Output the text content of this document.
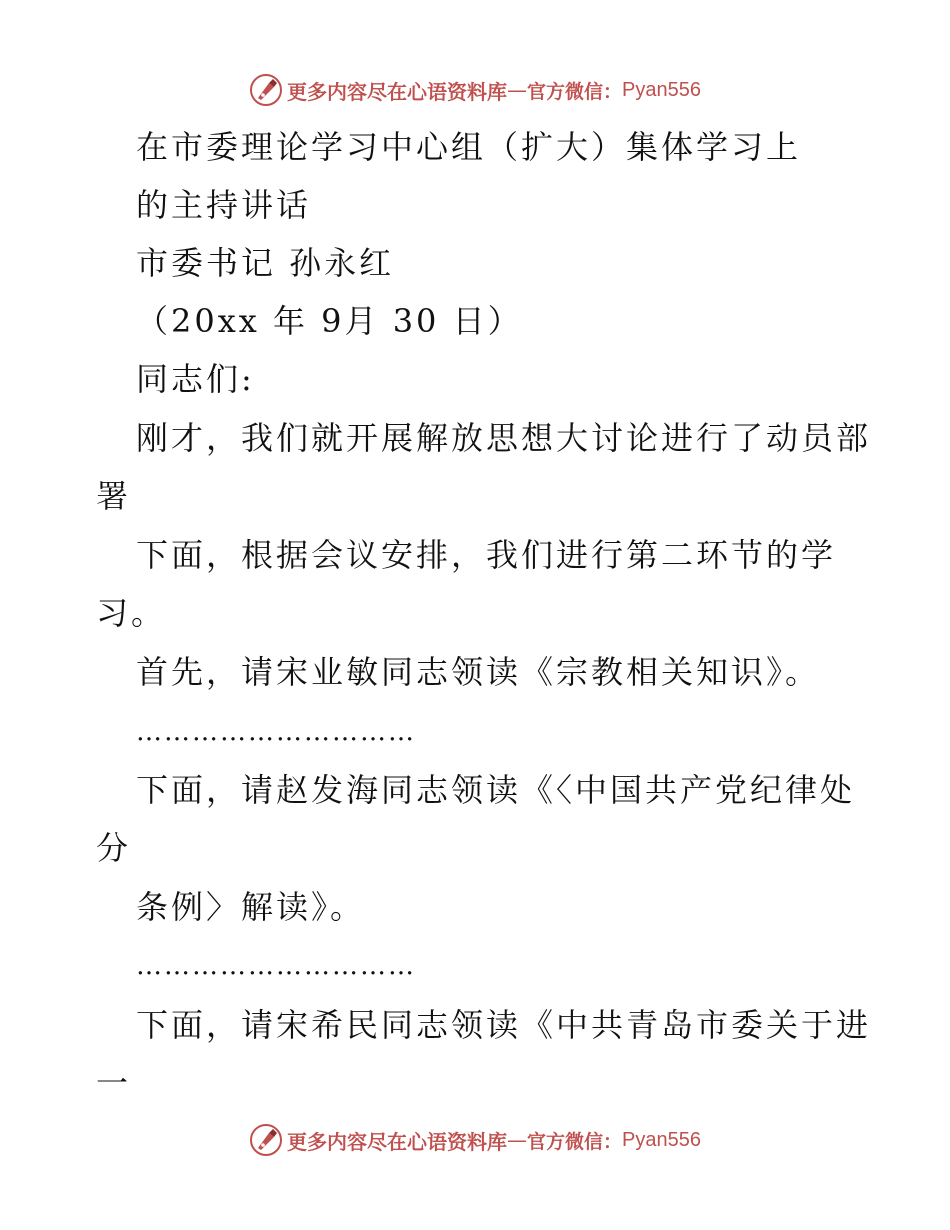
更多内容尽在心语资料库 — 官方微信： Pyan556
在市委理论学习中心组（扩大）集体学习上
的主持讲话
市委书记 孙永红
（20xx 年 9月 30 日）
同志们:
刚才，我们就开展解放思想大讨论进行了动员部
署
下面，根据会议安排，我们进行第二环节的学
习。
首先，请宋业敏同志领读《宗教相关知识》。
…………………………
下面，请赵发海同志领读《〈中国共产党纪律处
分
条例〉解读》。
…………………………
下面，请宋希民同志领读《中共青岛市委关于进
一
更多内容尽在心语资料库 — 官方微信： Pyan556
